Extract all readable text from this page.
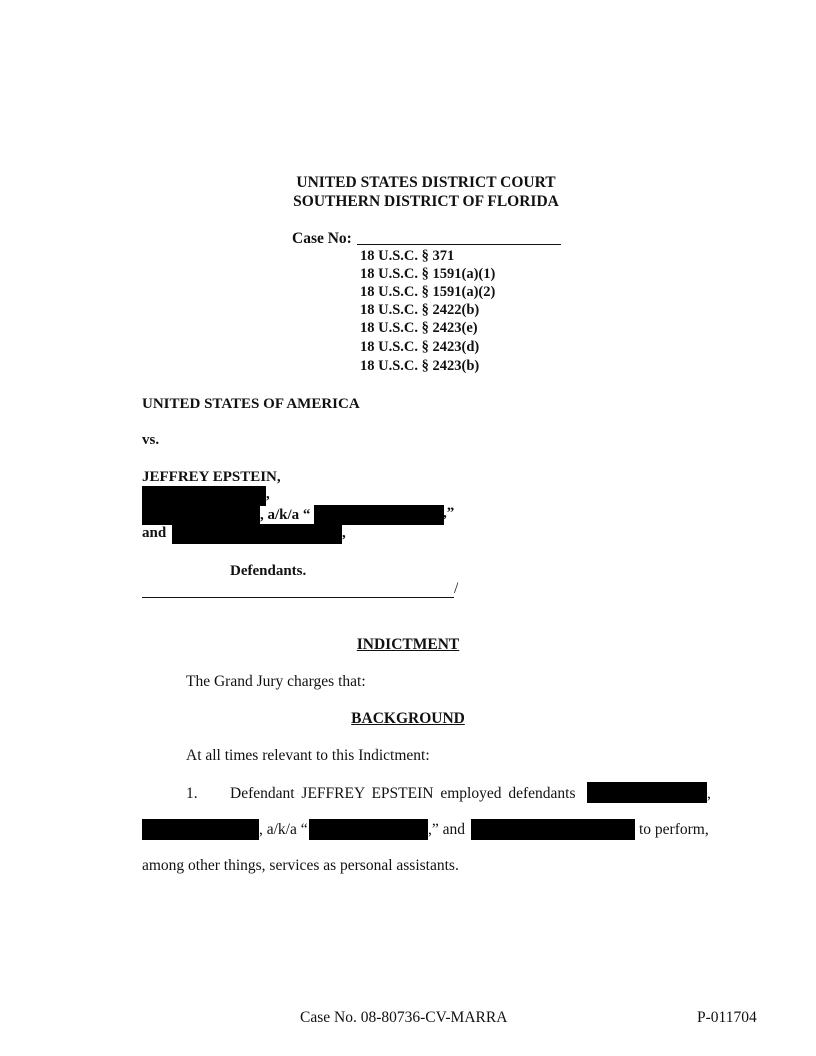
UNITED STATES DISTRICT COURT
SOUTHERN DISTRICT OF FLORIDA
Case No:
18 U.S.C. § 371
18 U.S.C. § 1591(a)(1)
18 U.S.C. § 1591(a)(2)
18 U.S.C. § 2422(b)
18 U.S.C. § 2423(e)
18 U.S.C. § 2423(d)
18 U.S.C. § 2423(b)
UNITED STATES OF AMERICA
vs.
JEFFREY EPSTEIN,
,
, a/k/a “	,”
and	,
Defendants.
/
INDICTMENT
The Grand Jury charges that:
BACKGROUND
At all times relevant to this Indictment:
1. Defendant JEFFREY EPSTEIN employed defendants	,
, a/k/a “	,” and	to perform,
among other things, services as personal assistants.
Case No. 08-80736-CV-MARRA	P-011704
